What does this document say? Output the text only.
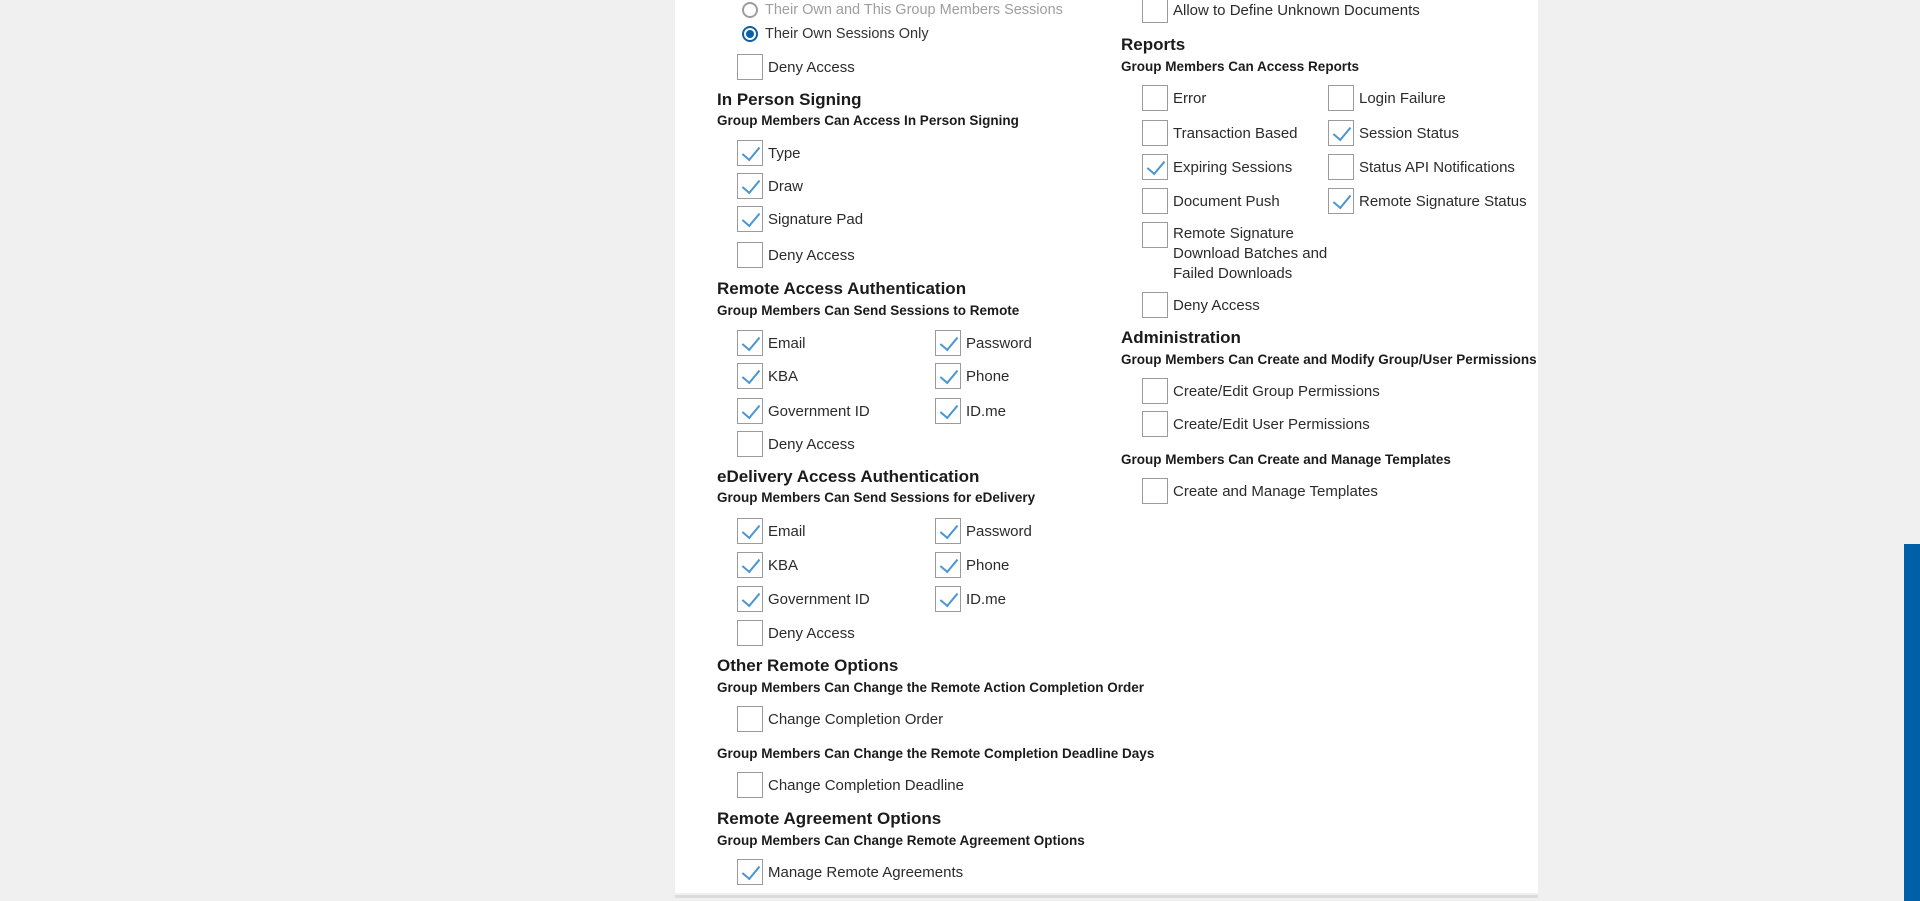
Their Own and This Group Members Sessions
Their Own Sessions Only
Deny Access
In Person Signing
Group Members Can Access In Person Signing
Type
Draw
Signature Pad
Deny Access
Remote Access Authentication
Group Members Can Send Sessions to Remote
Email	Password
KBA	Phone
Government ID	ID.me
Deny Access
eDelivery Access Authentication
Group Members Can Send Sessions for eDelivery
Email	Password
KBA	Phone
Government ID	ID.me
Deny Access
Other Remote Options
Group Members Can Change the Remote Action Completion Order
Change Completion Order
Group Members Can Change the Remote Completion Deadline Days
Change Completion Deadline
Remote Agreement Options
Group Members Can Change Remote Agreement Options
Manage Remote Agreements
Allow to Define Unknown Documents
Reports
Group Members Can Access Reports
Error	Login Failure
Transaction Based	Session Status
Expiring Sessions	Status API Notifications
Document Push	Remote Signature Status
Remote Signature Download Batches and Failed Downloads
Deny Access
Administration
Group Members Can Create and Modify Group/User Permissions
Create/Edit Group Permissions
Create/Edit User Permissions
Group Members Can Create and Manage Templates
Create and Manage Templates
